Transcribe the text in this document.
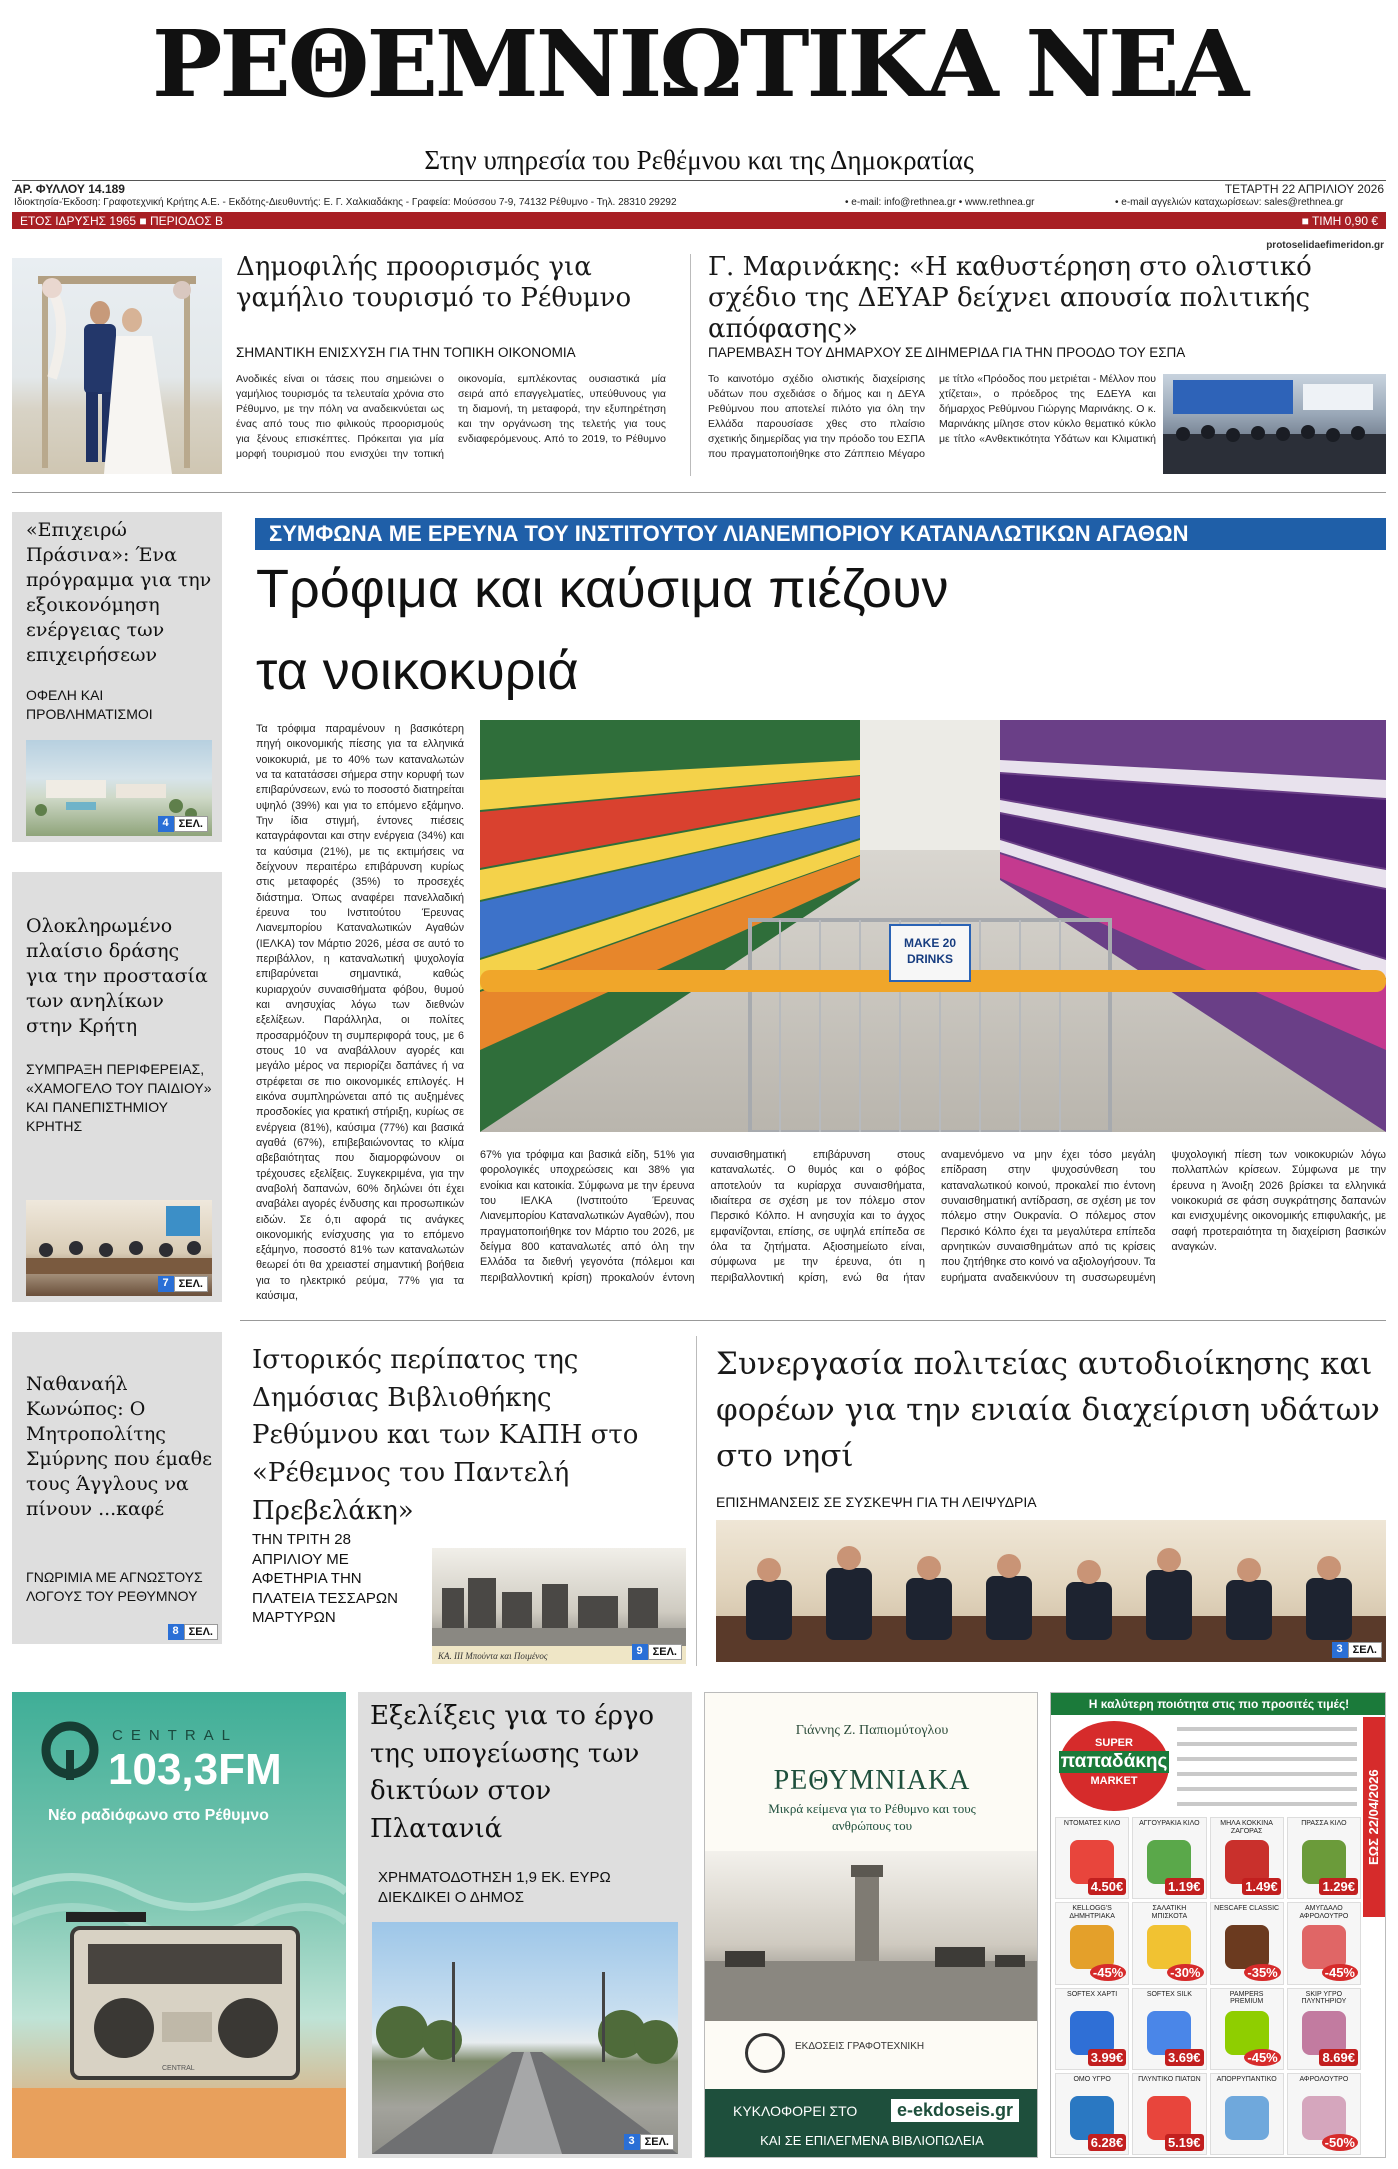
ΡΕΘΕΜΝΙΩΤΙΚΑ ΝΕΑ
Στην υπηρεσία του Ρεθέμνου και της Δημοκρατίας
ΑΡ. ΦΥΛΛΟΥ 14.189	ΤΕΤΑΡΤΗ 22 ΑΠΡΙΛΙΟΥ 2026
Ιδιοκτησία-Έκδοση: Γραφοτεχνική Κρήτης Α.Ε. - Εκδότης-Διευθυντής: Ε. Γ. Χαλκιαδάκης - Γραφεία: Μούσσου 7-9, 74132 Ρέθυμνο - Τηλ. 28310 29292	• e-mail: info@rethnea.gr • www.rethnea.gr	• e-mail αγγελιών καταχωρίσεων: sales@rethnea.gr
ΕΤΟΣ ΙΔΡΥΣΗΣ 1965 ■ ΠΕΡΙΟΔΟΣ Β	■ ΤΙΜΗ 0,90 €
protoselidaefimeridon.gr
Δημοφιλής προορισμός για γαμήλιο τουρισμό το Ρέθυμνο
ΣΗΜΑΝΤΙΚΗ ΕΝΙΣΧΥΣΗ ΓΙΑ ΤΗΝ ΤΟΠΙΚΗ ΟΙΚΟΝΟΜΙΑ
Ανοδικές είναι οι τάσεις που σημειώνει ο γαμήλιος τουρισμός τα τελευταία χρόνια στο Ρέθυμνο, με την πόλη να αναδεικνύεται ως ένας από τους πιο φιλικούς προορισμούς για ξένους επισκέπτες. Πρόκειται για μία μορφή τουρισμού που ενισχύει την τοπική οικονομία, εμπλέκοντας ουσιαστικά μία σειρά από επαγγελματίες, υπεύθυνους για τη διαμονή, τη μεταφορά, την εξυπηρέτηση και την οργάνωση της τελετής για τους ενδιαφερόμενους. Από το 2019, το Ρέθυμνο
Γ. Μαρινάκης: «Η καθυστέρηση στο ολιστικό σχέδιο της ΔΕΥΑΡ δείχνει απουσία πολιτικής απόφασης»
ΠΑΡΕΜΒΑΣΗ ΤΟΥ ΔΗΜΑΡΧΟΥ ΣΕ ΔΙΗΜΕΡΙΔΑ ΓΙΑ ΤΗΝ ΠΡΟΟΔΟ ΤΟΥ ΕΣΠΑ
Το καινοτόμο σχέδιο ολιστικής διαχείρισης υδάτων που σχεδιάσε ο δήμος και η ΔΕΥΑ Ρεθύμνου που αποτελεί πιλότο για όλη την Ελλάδα παρουσίασε χθες στο πλαίσιο σχετικής διημερίδας για την πρόοδο του ΕΣΠΑ που πραγματοποιήθηκε στο Ζάππειο Μέγαρο με τίτλο «Πρόοδος που μετριέται - Μέλλον που χτίζεται», ο πρόεδρος της ΕΔΕΥΑ και δήμαρχος Ρεθύμνου Γιώργης Μαρινάκης. Ο κ. Μαρινάκης μίλησε στον κύκλο θεματικό κύκλο με τίτλο «Ανθεκτικότητα Υδάτων και Κλιματική
«Επιχειρώ Πράσινα»: Ένα πρόγραμμα για την εξοικονόμηση ενέργειας των επιχειρήσεων
ΟΦΕΛΗ ΚΑΙ ΠΡΟΒΛΗΜΑΤΙΣΜΟΙ
4 ΣΕΛ.
Ολοκληρωμένο πλαίσιο δράσης για την προστασία των ανηλίκων στην Κρήτη
ΣΥΜΠΡΑΞΗ ΠΕΡΙΦΕΡΕΙΑΣ, «ΧΑΜΟΓΕΛΟ ΤΟΥ ΠΑΙΔΙΟΥ» ΚΑΙ ΠΑΝΕΠΙΣΤΗΜΙΟΥ ΚΡΗΤΗΣ
7 ΣΕΛ.
Ναθαναήλ Κωνώπος: Ο Μητροπολίτης Σμύρνης που έμαθε τους Άγγλους να πίνουν ...καφέ
ΓΝΩΡΙΜΙΑ ΜΕ ΑΓΝΩΣΤΟΥΣ ΛΟΓΟΥΣ ΤΟΥ ΡΕΘΥΜΝΟΥ
8 ΣΕΛ.
ΣΥΜΦΩΝΑ ΜΕ ΕΡΕΥΝΑ ΤΟΥ ΙΝΣΤΙΤΟΥΤΟΥ ΛΙΑΝΕΜΠΟΡΙΟΥ ΚΑΤΑΝΑΛΩΤΙΚΩΝ ΑΓΑΘΩΝ
Τρόφιμα και καύσιμα πιέζουν
τα νοικοκυριά
Τα τρόφιμα παραμένουν η βασικότερη πηγή οικονομικής πίεσης για τα ελληνικά νοικοκυριά, με το 40% των καταναλωτών να τα κατατάσσει σήμερα στην κορυφή των επιβαρύνσεων, ενώ το ποσοστό διατηρείται υψηλό (39%) και για το επόμενο εξάμηνο. Την ίδια στιγμή, έντονες πιέσεις καταγράφονται και στην ενέργεια (34%) και τα καύσιμα (21%), με τις εκτιμήσεις να δείχνουν περαιτέρω επιβάρυνση κυρίως στις μεταφορές (35%) το προσεχές διάστημα. Όπως αναφέρει πανελλαδική έρευνα του Ινστιτούτου Έρευνας Λιανεμπορίου Καταναλωτικών Αγαθών (ΙΕΛΚΑ) τον Μάρτιο 2026, μέσα σε αυτό το περιβάλλον, η καταναλωτική ψυχολογία επιβαρύνεται σημαντικά, καθώς κυριαρχούν συναισθήματα φόβου, θυμού και ανησυχίας λόγω των διεθνών εξελίξεων. Παράλληλα, οι πολίτες προσαρμόζουν τη συμπεριφορά τους, με 6 στους 10 να αναβάλλουν αγορές και μεγάλο μέρος να περιορίζει δαπάνες ή να στρέφεται σε πιο οικονομικές επιλογές. Η εικόνα συμπληρώνεται από τις αυξημένες προσδοκίες για κρατική στήριξη, κυρίως σε ενέργεια (81%), καύσιμα (77%) και βασικά αγαθά (67%), επιβεβαιώνοντας το κλίμα αβεβαιότητας που διαμορφώνουν οι τρέχουσες εξελίξεις. Συγκεκριμένα, για την αναβολή δαπανών, 60% δηλώνει ότι έχει αναβάλει αγορές ένδυσης και προσωπικών ειδών. Σε ό,τι αφορά τις ανάγκες οικονομικής ενίσχυσης για το επόμενο εξάμηνο, ποσοστό 81% των καταναλωτών θεωρεί ότι θα χρειαστεί σημαντική βοήθεια για το ηλεκτρικό ρεύμα, 77% για τα καύσιμα,
MAKE 20
DRINKS
67% για τρόφιμα και βασικά είδη, 51% για φορολογικές υποχρεώσεις και 38% για ενοίκια και κατοικία. Σύμφωνα με την έρευνα του ΙΕΛΚΑ (Ινστιτούτο Έρευνας Λιανεμπορίου Καταναλωτικών Αγαθών), που πραγματοποιήθηκε τον Μάρτιο του 2026, με δείγμα 800 καταναλωτές από όλη την Ελλάδα τα διεθνή γεγονότα (πόλεμοι και περιβαλλοντική κρίση) προκαλούν έντονη συναισθηματική επιβάρυνση στους καταναλωτές. Ο θυμός και ο φόβος αποτελούν τα κυρίαρχα συναισθήματα, ιδιαίτερα σε σχέση με τον πόλεμο στον Περσικό Κόλπο. Η ανησυχία και το άγχος εμφανίζονται, επίσης, σε υψηλά επίπεδα σε όλα τα ζητήματα. Αξιοσημείωτο είναι, σύμφωνα με την έρευνα, ότι η περιβαλλοντική κρίση, ενώ θα ήταν αναμενόμενο να μην έχει τόσο μεγάλη επίδραση στην ψυχοσύνθεση του καταναλωτικού κοινού, προκαλεί πιο έντονη συναισθηματική αντίδραση, σε σχέση με τον πόλεμο στην Ουκρανία. Ο πόλεμος στον Περσικό Κόλπο έχει τα μεγαλύτερα επίπεδα αρνητικών συναισθημάτων από τις κρίσεις που ζητήθηκε στο κοινό να αξιολογήσουν. Τα ευρήματα αναδεικνύουν τη συσσωρευμένη ψυχολογική πίεση των νοικοκυριών λόγω πολλαπλών κρίσεων. Σύμφωνα με την έρευνα η Άνοιξη 2026 βρίσκει τα ελληνικά νοικοκυριά σε φάση συγκράτησης δαπανών και ενισχυμένης οικονομικής επιφυλακής, με σαφή προτεραιότητα τη διαχείριση βασικών αναγκών.
Ιστορικός περίπατος της Δημόσιας Βιβλιοθήκης Ρεθύμνου και των ΚΑΠΗ στο «Ρέθεμνος του Παντελή Πρεβελάκη»
ΤΗΝ ΤΡΙΤΗ 28 ΑΠΡΙΛΙΟΥ ΜΕ ΑΦΕΤΗΡΙΑ ΤΗΝ ΠΛΑΤΕΙΑ ΤΕΣΣΑΡΩΝ ΜΑΡΤΥΡΩΝ
ΚΑ. ΙΙΙ Μπούντα και Ποιμένος	9 ΣΕΛ.
Συνεργασία πολιτείας αυτοδιοίκησης και φορέων για την ενιαία διαχείριση υδάτων στο νησί
ΕΠΙΣΗΜΑΝΣΕΙΣ ΣΕ ΣΥΣΚΕΨΗ ΓΙΑ ΤΗ ΛΕΙΨΥΔΡΙΑ
3 ΣΕΛ.
CENTRAL
103,3FM
Νέο ραδιόφωνο στο Ρέθυμνο
CENTRAL
Εξελίξεις για το έργο της υπογείωσης των δικτύων στον Πλατανιά
ΧΡΗΜΑΤΟΔΟΤΗΣΗ 1,9 ΕΚ. ΕΥΡΩ ΔΙΕΚΔΙΚΕΙ Ο ΔΗΜΟΣ
3 ΣΕΛ.
Γιάννης Ζ. Παπιομύτογλου
ΡΕΘΥΜΝΙΑΚΑ
Μικρά κείμενα για το Ρέθυμνο και τους ανθρώπους του
ΕΚΔΟΣΕΙΣ ΓΡΑΦΟΤΕΧΝΙΚΗ
ΚΥΚΛΟΦΟΡΕΙ ΣΤΟ	e-ekdoseis.gr
ΚΑΙ ΣΕ ΕΠΙΛΕΓΜΕΝΑ ΒΙΒΛΙΟΠΩΛΕΙΑ
Η καλύτερη ποιότητα στις πιο προσιτές τιμές!
SUPER
παπαδάκης
MARKET	ΕΩΣ 22/04/2026
ΝΤΟΜΑΤΕΣ ΚΙΛΟ
4.50€
ΑΓΓΟΥΡΑΚΙΑ ΚΙΛΟ
1.19€
ΜΗΛΑ ΚΟΚΚΙΝΑ ΖΑΓΟΡΑΣ
1.49€
ΠΡΑΣΣΑ ΚΙΛΟ
1.29€
KELLOGG'S ΔΗΜΗΤΡΙΑΚΑ
-45%
ΣΑΛΑΤΙΚΗ ΜΠΙΣΚΟΤΑ
-30%
NESCAFE CLASSIC
-35%
ΑΜΥΓΔΑΛΟ ΑΦΡΟΛΟΥΤΡΟ
-45%
SOFTEX ΧΑΡΤΙ
3.99€
SOFTEX SILK
3.69€
PAMPERS PREMIUM
-45%
SKIP ΥΓΡΟ ΠΛΥΝΤΗΡΙΟΥ
8.69€
OMO ΥΓΡΟ
6.28€
ΠΛΥΝΤΙΚΟ ΠΙΑΤΩΝ
5.19€
ΑΠΟΡΡΥΠΑΝΤΙΚΟ	ΑΦΡΟΛΟΥΤΡΟ
-50%
